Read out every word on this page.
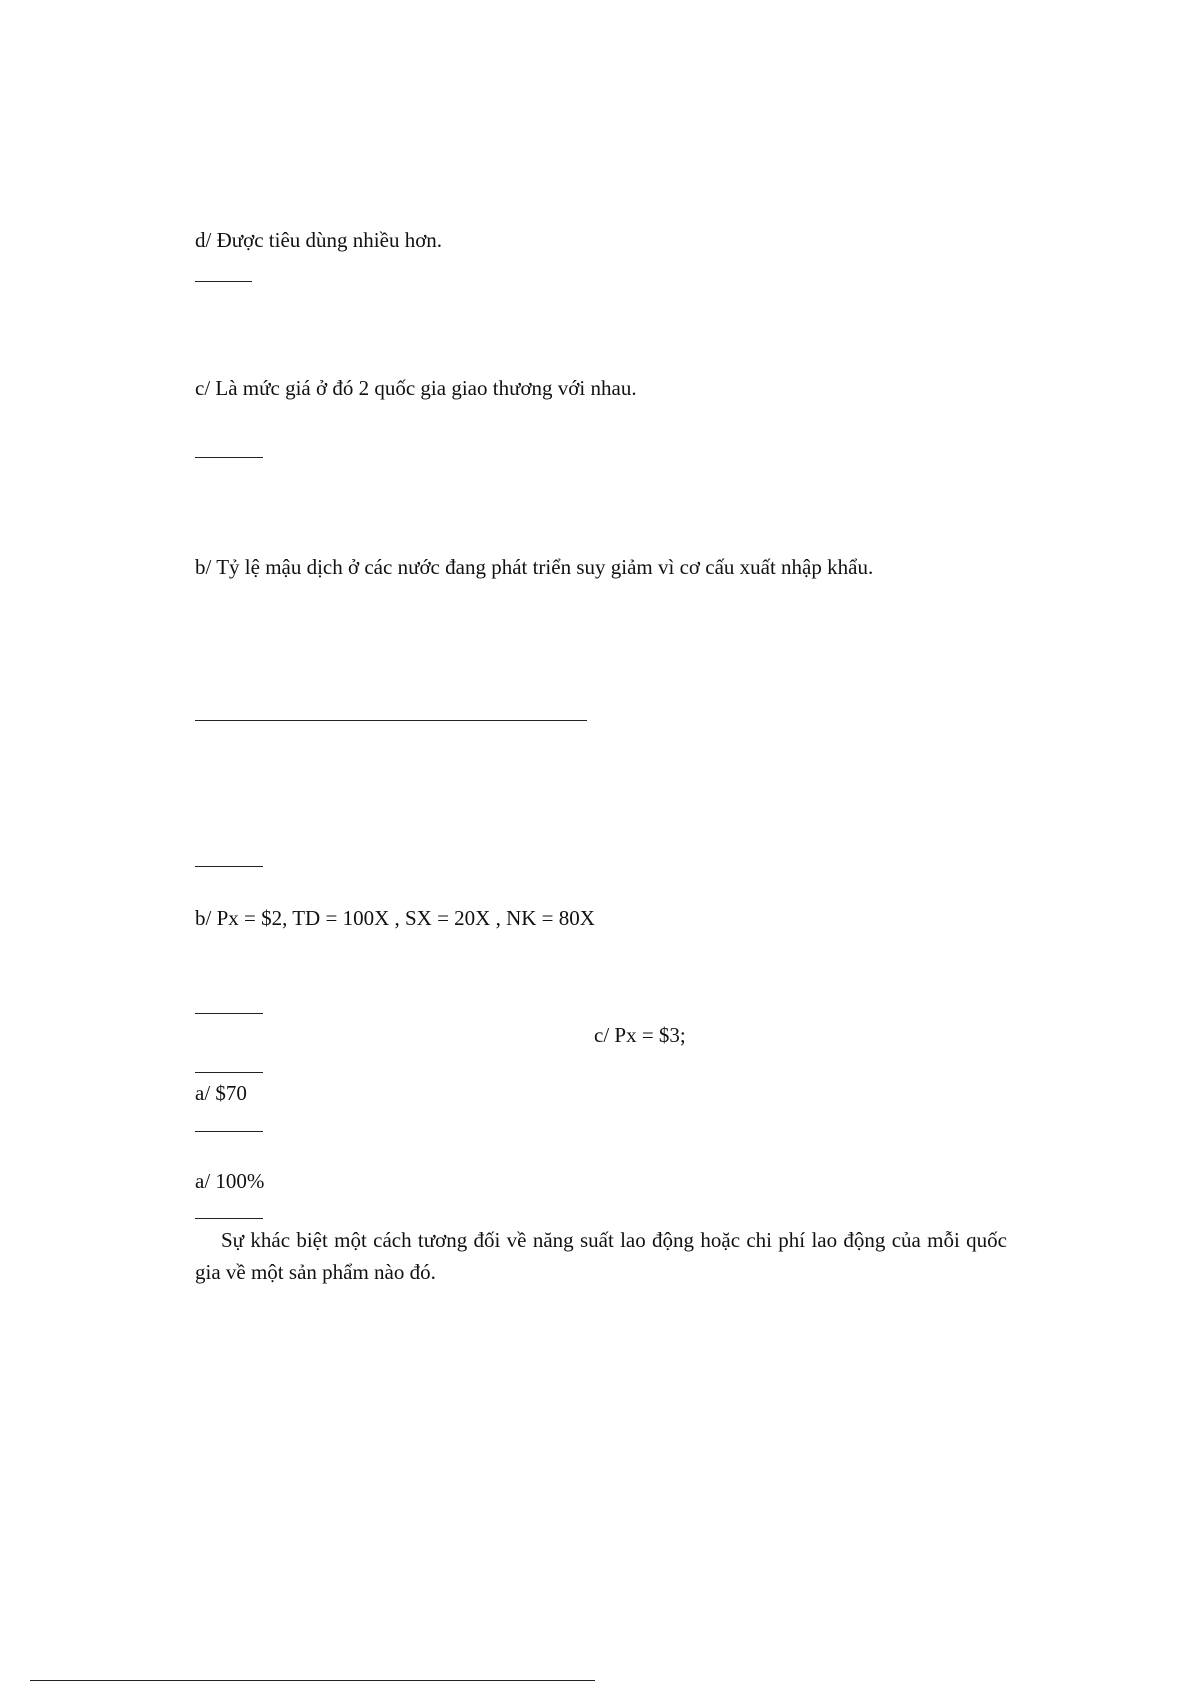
d/ Được tiêu dùng nhiều hơn.
c/ Là mức giá ở đó 2 quốc gia giao thương với nhau.
b/ Tỷ lệ mậu dịch ở các nước đang phát triển suy giảm vì cơ cấu xuất nhập khẩu.
b/ Px = $2, TD = 100X , SX = 20X , NK = 80X
c/ Px = $3;
a/ $70
a/ 100%
Sự khác biệt một cách tương đối về năng suất lao động hoặc chi phí lao động của mỗi quốc gia về một sản phẩm nào đó.
